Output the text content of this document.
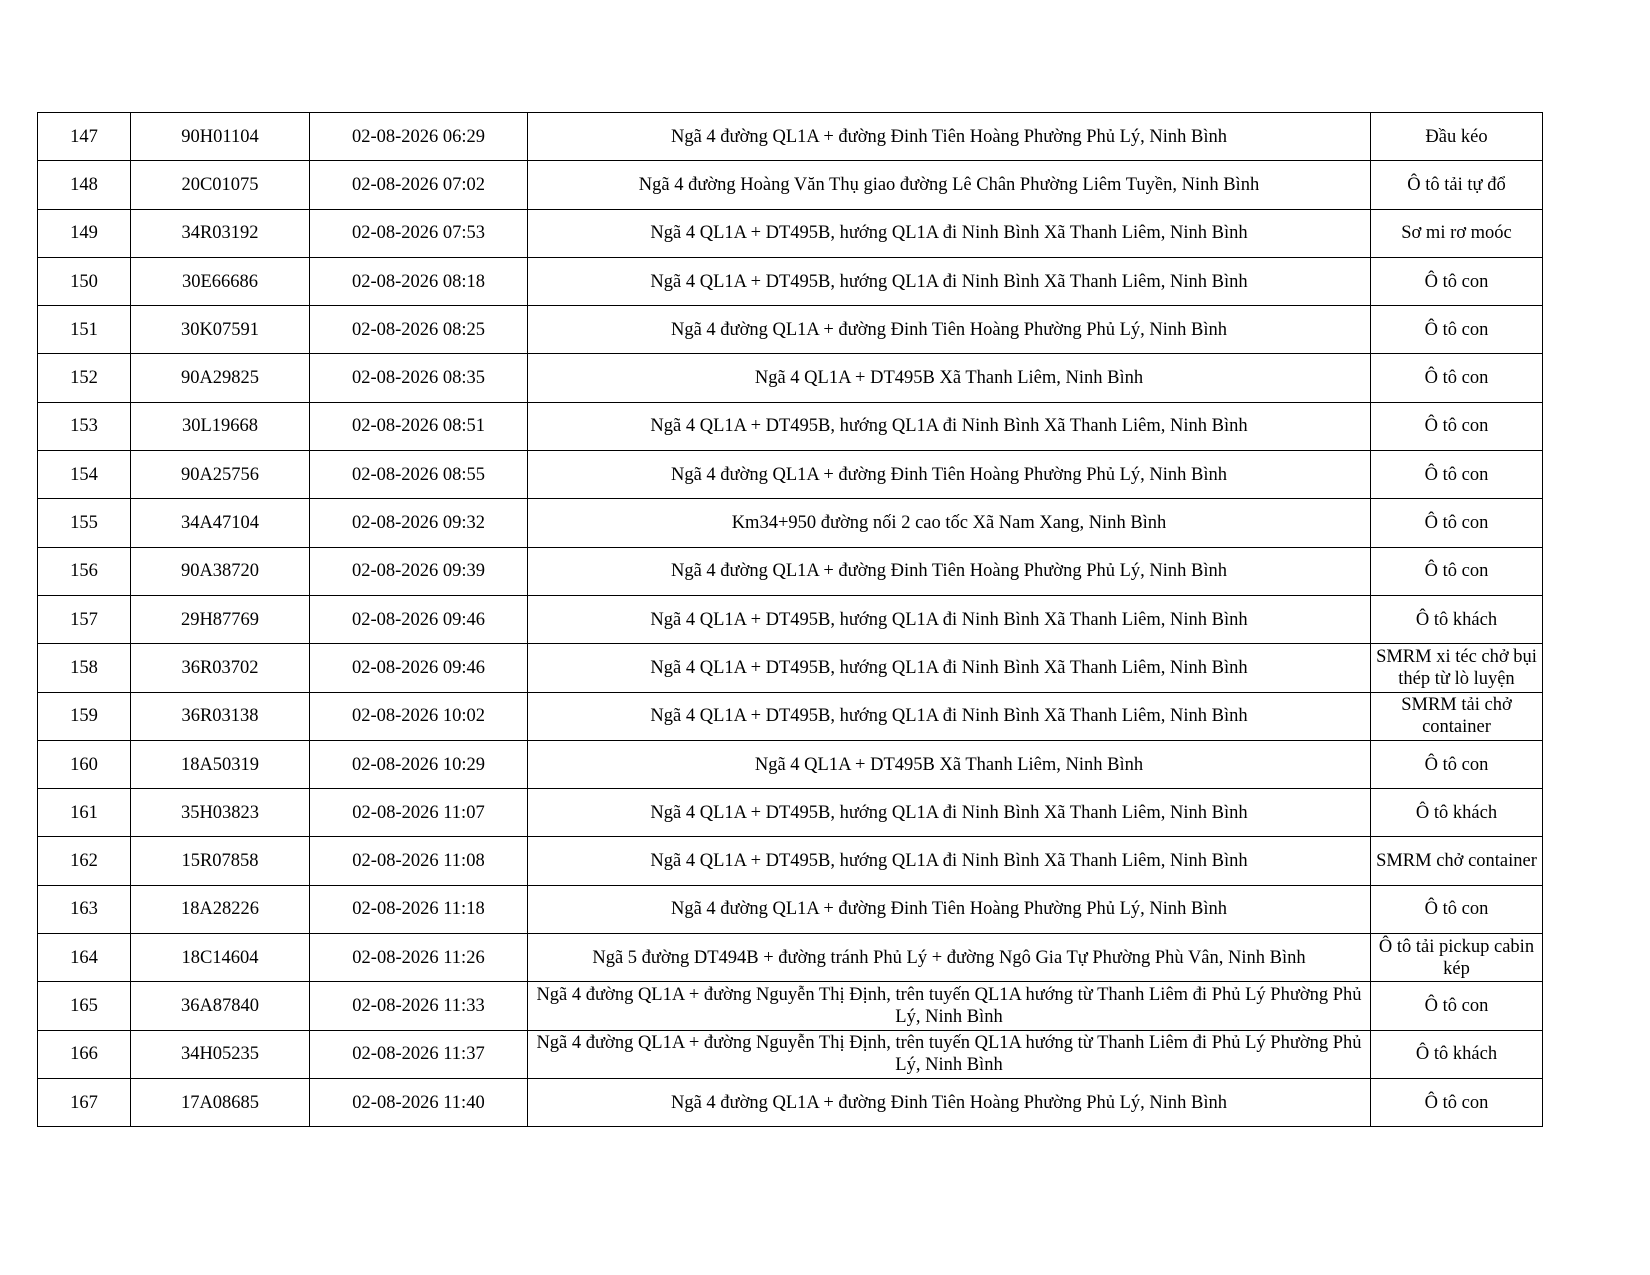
147	90H01104	02-08-2026 06:29	Ngã 4 đường QL1A + đường Đinh Tiên Hoàng Phường Phủ Lý, Ninh Bình	Đầu kéo
148	20C01075	02-08-2026 07:02	Ngã 4 đường Hoàng Văn Thụ giao đường Lê Chân Phường Liêm Tuyền, Ninh Bình	Ô tô tải tự đổ
149	34R03192	02-08-2026 07:53	Ngã 4 QL1A + DT495B, hướng QL1A đi Ninh Bình Xã Thanh Liêm, Ninh Bình	Sơ mi rơ moóc
150	30E66686	02-08-2026 08:18	Ngã 4 QL1A + DT495B, hướng QL1A đi Ninh Bình Xã Thanh Liêm, Ninh Bình	Ô tô con
151	30K07591	02-08-2026 08:25	Ngã 4 đường QL1A + đường Đinh Tiên Hoàng Phường Phủ Lý, Ninh Bình	Ô tô con
152	90A29825	02-08-2026 08:35	Ngã 4 QL1A + DT495B Xã Thanh Liêm, Ninh Bình	Ô tô con
153	30L19668	02-08-2026 08:51	Ngã 4 QL1A + DT495B, hướng QL1A đi Ninh Bình Xã Thanh Liêm, Ninh Bình	Ô tô con
154	90A25756	02-08-2026 08:55	Ngã 4 đường QL1A + đường Đinh Tiên Hoàng Phường Phủ Lý, Ninh Bình	Ô tô con
155	34A47104	02-08-2026 09:32	Km34+950 đường nối 2 cao tốc Xã Nam Xang, Ninh Bình	Ô tô con
156	90A38720	02-08-2026 09:39	Ngã 4 đường QL1A + đường Đinh Tiên Hoàng Phường Phủ Lý, Ninh Bình	Ô tô con
157	29H87769	02-08-2026 09:46	Ngã 4 QL1A + DT495B, hướng QL1A đi Ninh Bình Xã Thanh Liêm, Ninh Bình	Ô tô khách
158	36R03702	02-08-2026 09:46	Ngã 4 QL1A + DT495B, hướng QL1A đi Ninh Bình Xã Thanh Liêm, Ninh Bình	SMRM xi téc chở bụi thép từ lò luyện
159	36R03138	02-08-2026 10:02	Ngã 4 QL1A + DT495B, hướng QL1A đi Ninh Bình Xã Thanh Liêm, Ninh Bình	SMRM tải chở container
160	18A50319	02-08-2026 10:29	Ngã 4 QL1A + DT495B Xã Thanh Liêm, Ninh Bình	Ô tô con
161	35H03823	02-08-2026 11:07	Ngã 4 QL1A + DT495B, hướng QL1A đi Ninh Bình Xã Thanh Liêm, Ninh Bình	Ô tô khách
162	15R07858	02-08-2026 11:08	Ngã 4 QL1A + DT495B, hướng QL1A đi Ninh Bình Xã Thanh Liêm, Ninh Bình	SMRM chở container
163	18A28226	02-08-2026 11:18	Ngã 4 đường QL1A + đường Đinh Tiên Hoàng Phường Phủ Lý, Ninh Bình	Ô tô con
164	18C14604	02-08-2026 11:26	Ngã 5 đường DT494B + đường tránh Phủ Lý + đường Ngô Gia Tự Phường Phù Vân, Ninh Bình	Ô tô tải pickup cabin kép
165	36A87840	02-08-2026 11:33	Ngã 4 đường QL1A + đường Nguyễn Thị Định, trên tuyến QL1A hướng từ Thanh Liêm đi Phủ Lý Phường Phủ Lý, Ninh Bình	Ô tô con
166	34H05235	02-08-2026 11:37	Ngã 4 đường QL1A + đường Nguyễn Thị Định, trên tuyến QL1A hướng từ Thanh Liêm đi Phủ Lý Phường Phủ Lý, Ninh Bình	Ô tô khách
167	17A08685	02-08-2026 11:40	Ngã 4 đường QL1A + đường Đinh Tiên Hoàng Phường Phủ Lý, Ninh Bình	Ô tô con
